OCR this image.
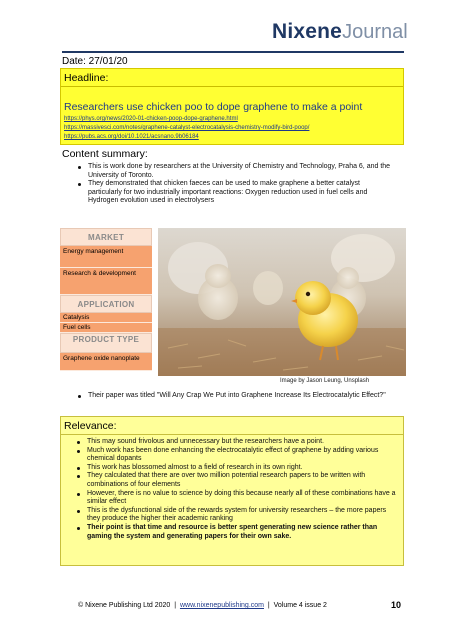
NixeneJournal
Date: 27/01/20
Headline:
Researchers use chicken poo to dope graphene to make a point
https://phys.org/news/2020-01-chicken-poop-dope-graphene.html
https://massivesci.com/notes/graphene-catalyst-electrocatalysis-chemistry-modify-bird-poop/
https://pubs.acs.org/doi/10.1021/acsnano.9b06184
Content summary:
This is work done by researchers at the University of Chemistry and Technology, Praha 6, and the University of Toronto.
They demonstrated that chicken faeces can be used to make graphene a better catalyst particularly for two industrially important reactions: Oxygen reduction used in fuel cells and Hydrogen evolution used in electrolysers
MARKET
Energy management
Research & development
APPLICATION
Catalysis
Fuel cells
PRODUCT TYPE
Graphene oxide nanoplate
Image by Jason Leung, Unsplash
Their paper was titled "Will Any Crap We Put into Graphene Increase Its Electrocatalytic Effect?"
Relevance:
This may sound frivolous and unnecessary but the researchers have a point.
Much work has been done enhancing the electrocatalytic effect of graphene by adding various chemical dopants
This work has blossomed almost to a field of research in its own right.
They calculated that there are over two million potential research papers to be written with combinations of four elements
However, there is no value to science by doing this because nearly all of these combinations have a similar effect
This is the dysfunctional side of the rewards system for university researchers – the more papers they produce the higher their academic ranking
Their point is that time and resource is better spent generating new science rather than gaming the system and generating papers for their own sake.
© Nixene Publishing Ltd 2020 | www.nixenepublishing.com | Volume 4 issue 2	10
